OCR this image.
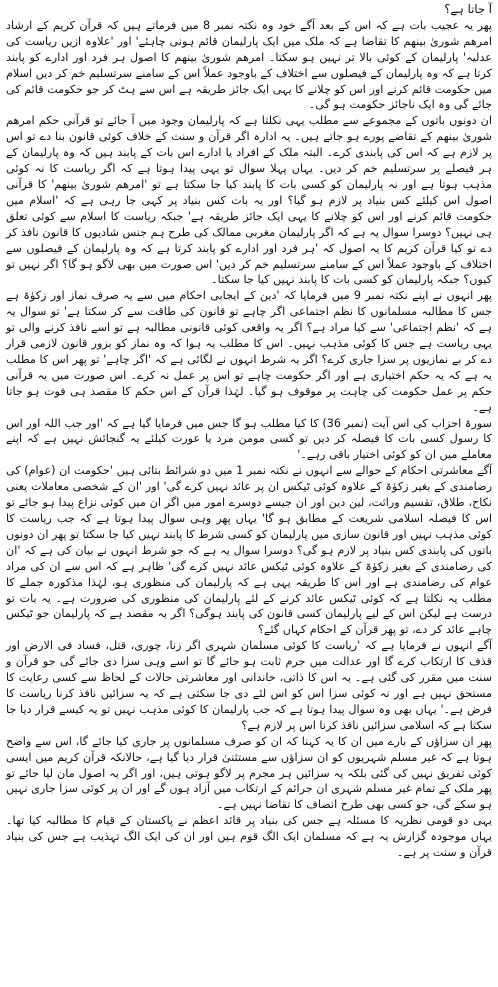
آ جاتا ہے؟

پھر یہ عجیب بات ہے کہ اس کے بعد آگے خود وہ نکتہ نمبر 8 میں فرماتے ہیں کہ قرآن کریم کے ارشاد امرھم شوریٰ بینھم کا تقاضا ہے کہ ملک میں ایک پارلیمان قائم ہونی چاہئے' اور 'علاوہ ازیں ریاست کی عدلیہ' پارلیمان کے کوئی بالا تر نہیں ہو سکتا۔ امرھم شوریٰ بینھم کا اصول ہر فرد اور ادارے کو پابند کرتا ہے کہ وہ پارلیمان کے فیصلوں سے اختلاف کے باوجود عملاً اس کے سامنے سرتسلیم خم کر دیں اسلام میں حکومت قائم کرنے اور اس کو چلانے کا یہی ایک جائز طریقہ ہے اس سے ہٹ کر جو حکومت قائم کی جائے گی وہ ایک ناجائز حکومت ہو گی۔

ان دونوں باتوں کے مجموعے سے مطلب یہی نکلتا ہے کہ پارلیمان وجود میں آ جائے تو قرآنی حکم امرھم شوریٰ بینھم کے تقاضے پورے ہو جاتے ہیں۔ یہ ادارہ اگر قرآن و سنت کے خلاف کوئی قانون بنا دے تو اس پر لازم ہے کہ اس کی پابندی کرے۔ البتہ ملک کے افراد یا ادارے اس بات کے پابند ہیں کہ وہ پارلیمان کے ہر فیصلے پر سرتسلیم خم کر دیں۔ یہاں پہلا سوال تو یہی پیدا ہوتا ہے کہ اگر ریاست کا نہ کوئی مذہب ہوتا ہے اور نہ پارلیمان کو کسی بات کا پابند کیا جا سکتا ہے تو 'امرھم شوریٰ بینھم' کا قرآنی اصول اس کیلئے کس بنیاد پر لازم ہو گیا؟ اور یہ بات کس بنیاد پر کہی جا رہی ہے کہ 'اسلام میں حکومت قائم کرنے اور اس کو چلانے کا یہی ایک جائز طریقہ ہے' جبکہ ریاست کا اسلام سے کوئی تعلق ہی نہیں؟ دوسرا سوال یہ ہے کہ اگر پارلیمان مغربی ممالک کی طرح ہم جنس شادیوں کا قانون نافذ کر دے تو کیا قرآن کریم کا یہ اصول کہ 'ہر فرد اور ادارے کو پابند کرتا ہے کہ وہ پارلیمان کے فیصلوں سے اختلاف کے باوجود عملاً اس کے سامنے سرتسلیم خم کر دیں' اس صورت میں بھی لاگو ہو گا؟ اگر نہیں تو کیوں؟ جبکہ پارلیمان کو کسی بات کا پابند نہیں کیا جا سکتا۔

پھر انہوں نے اپنے نکتہ نمبر 9 میں فرمایا کہ 'دین کے ایجابی احکام میں سے یہ صرف نماز اور زکوٰۃ ہے جس کا مطالبہ مسلمانوں کا نظم اجتماعی اگر چاہے تو قانون کی طاقت سے کر سکتا ہے' تو سوال یہ ہے کہ 'نظم اجتماعی' سے کیا مراد ہے؟ اگر یہ واقعی کوئی قانونی مطالبہ ہے تو اسے نافذ کرنے والی تو یہی ریاست ہے جس کا کوئی مذہب نہیں۔ اس کا مطلب یہ ہوا کہ وہ نماز کو بزور قانون لازمی قرار دے کر بے نمازیوں پر سزا جاری کرے؟ اگر یہ شرط انہوں نے لگائی ہے کہ 'اگر چاہے' تو پھر اس کا مطلب یہ ہے کہ یہ حکم اختیاری ہے اور اگر حکومت چاہے تو اس پر عمل نہ کرے۔ اس صورت میں یہ قرآنی حکم پر عمل حکومت کی چاہت پر موقوف ہو گیا۔ لہٰذا قرآن کے اس حکم کا مقصد ہی فوت ہو جاتا ہے۔

سورۃ احزاب کی اس آیت (نمبر 36) کا کیا مطلب ہو گا جس میں فرمایا گیا ہے کہ 'اور جب اللہ اور اس کا رسول کسی بات کا فیصلہ کر دیں تو کسی مومن مرد یا عورت کیلئے یہ گنجائش نہیں ہے کہ اپنے معاملے میں ان کو کوئی اختیار باقی رہے۔'

آگے معاشرتی احکام کے حوالے سے انہوں نے نکتہ نمبر 1 میں دو شرائط بتائی ہیں 'حکومت ان (عوام) کی رضامندی کے بغیر زکوٰۃ کے علاوہ کوئی ٹیکس ان پر عائد نہیں کرے گی' اور 'ان کے شخصی معاملات یعنی نکاح، طلاق، تقسیم وراثت، لین دین اور ان جیسے دوسرے امور میں اگر ان میں کوئی نزاع پیدا ہو جائے تو اس کا فیصلہ اسلامی شریعت کے مطابق ہو گا' یہاں پھر وہی سوال پیدا ہوتا ہے کہ جب ریاست کا کوئی مذہب نہیں اور قانون سازی میں پارلیمان کو کسی شرط کا پابند نہیں کیا جا سکتا تو پھر ان دونوں باتوں کی پابندی کس بنیاد پر لازم ہو گی؟ دوسرا سوال یہ ہے کہ جو شرط انہوں نے بیان کی ہے کہ 'ان کی رضامندی کے بغیر زکوٰۃ کے علاوہ کوئی ٹیکس عائد نہیں کرے گی' ظاہر ہے کہ اس سے ان کی مراد عوام کی رضامندی ہے اور اس کا طریقہ یہی ہے کہ پارلیمان کی منظوری ہو، لہٰذا مذکورہ جملے کا مطلب یہ نکلتا ہے کہ کوئی ٹیکس عائد کرنے کے لئے پارلیمان کی منظوری کی ضرورت ہے۔ یہ بات تو درست ہے لیکن اس کے لیے پارلیمان کسی قانون کی پابند ہوگی؟ اگر یہ مقصد ہے کہ پارلیمان جو ٹیکس چاہے عائد کر دے، تو پھر قرآن کے احکام کہاں گئے؟

آگے انہوں نے فرمایا ہے کہ 'ریاست کا کوئی مسلمان شہری اگر زنا، چوری، قتل، فساد فی الارض اور قذف کا ارتکاب کرے گا اور عدالت میں جرم ثابت ہو جائے گا تو اسے وہی سزا دی جائے گی جو قرآن و سنت میں مقرر کی گئی ہے۔ یہ اس کا ذاتی، خاندانی اور معاشرتی حالات کے لحاظ سے کسی رعایت کا مستحق نہیں ہے اور نہ کوئی سزا اس کو اس لئے دی جا سکتی ہے کہ یہ سزائیں نافذ کرنا ریاست کا فرض ہے۔' یہاں بھی وہ سوال پیدا ہوتا ہے کہ جب پارلیمان کا کوئی مذہب نہیں تو یہ کیسے قرار دیا جا سکتا ہے کہ اسلامی سزائیں نافذ کرنا اس پر لازم ہے؟

پھر ان سزاؤں کے بارے میں ان کا یہ کہنا کہ ان کو صرف مسلمانوں پر جاری کیا جائے گا، اس سے واضح ہوتا ہے کہ غیر مسلم شہریوں کو ان سزاؤں سے مستثنیٰ قرار دیا گیا ہے، حالانکہ قرآن کریم میں ایسی کوئی تفریق نہیں کی گئی بلکہ یہ سزائیں ہر مجرم پر لاگو ہوتی ہیں، اور اگر یہ اصول مان لیا جائے تو پھر ملک کے تمام غیر مسلم شہری ان جرائم کے ارتکاب میں آزاد ہوں گے اور ان پر کوئی سزا جاری نہیں ہو سکے گی، جو کسی بھی طرح انصاف کا تقاضا نہیں ہے۔

یہی دو قومی نظریہ کا مسئلہ ہے جس کی بنیاد پر قائد اعظم نے پاکستان کے قیام کا مطالبہ کیا تھا۔ یہاں موجودہ گزارش یہ ہے کہ مسلمان ایک الگ قوم ہیں اور ان کی ایک الگ تہذیب ہے جس کی بنیاد قرآن و سنت پر ہے۔
